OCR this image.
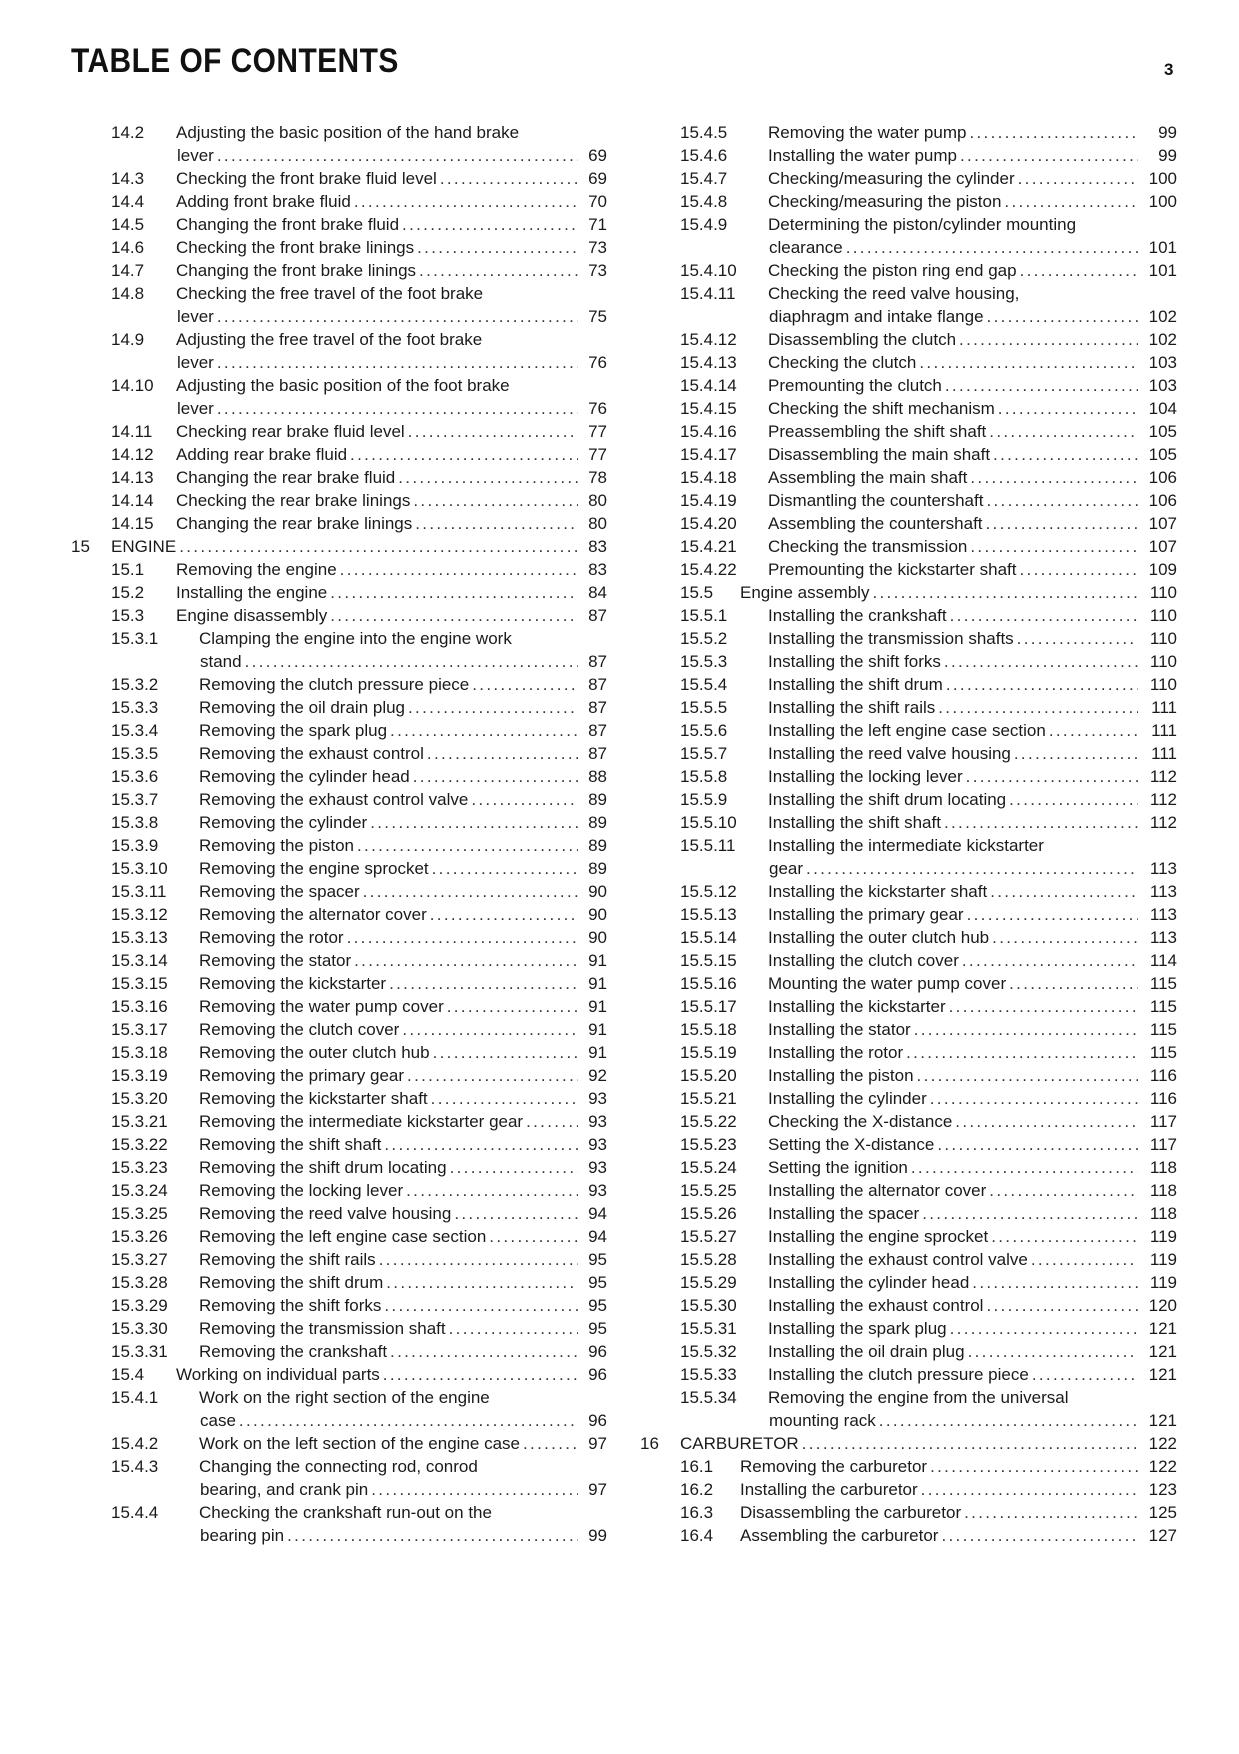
TABLE OF CONTENTS	3
14.2 Adjusting the basic position of the hand brake
lever . . .	69
14.3 Checking the front brake fluid level . . .	69
14.4 Adding front brake fluid . . .	70
14.5 Changing the front brake fluid . . .	71
14.6 Checking the front brake linings . . .	73
14.7 Changing the front brake linings . . .	73
14.8 Checking the free travel of the foot brake
lever . . .	75
14.9 Adjusting the free travel of the foot brake
lever . . .	76
14.10 Adjusting the basic position of the foot brake
lever . . .	76
14.11 Checking rear brake fluid level . . .	77
14.12 Adding rear brake fluid . . .	77
14.13 Changing the rear brake fluid . . .	78
14.14 Checking the rear brake linings . . .	80
14.15 Changing the rear brake linings . . .	80
15 ENGINE . . .	83
15.1 Removing the engine . . .	83
15.2 Installing the engine . . .	84
15.3 Engine disassembly . . .	87
15.3.1 Clamping the engine into the engine work
stand . . .	87
15.3.2 Removing the clutch pressure piece . . .	87
15.3.3 Removing the oil drain plug . . .	87
15.3.4 Removing the spark plug . . .	87
15.3.5 Removing the exhaust control . . .	87
15.3.6 Removing the cylinder head . . .	88
15.3.7 Removing the exhaust control valve . . .	89
15.3.8 Removing the cylinder . . .	89
15.3.9 Removing the piston . . .	89
15.3.10 Removing the engine sprocket . . .	89
15.3.11 Removing the spacer . . .	90
15.3.12 Removing the alternator cover . . .	90
15.3.13 Removing the rotor . . .	90
15.3.14 Removing the stator . . .	91
15.3.15 Removing the kickstarter . . .	91
15.3.16 Removing the water pump cover . . .	91
15.3.17 Removing the clutch cover . . .	91
15.3.18 Removing the outer clutch hub . . .	91
15.3.19 Removing the primary gear . . .	92
15.3.20 Removing the kickstarter shaft . . .	93
15.3.21 Removing the intermediate kickstarter gear . . .	93
15.3.22 Removing the shift shaft . . .	93
15.3.23 Removing the shift drum locating . . .	93
15.3.24 Removing the locking lever . . .	93
15.3.25 Removing the reed valve housing . . .	94
15.3.26 Removing the left engine case section . . .	94
15.3.27 Removing the shift rails . . .	95
15.3.28 Removing the shift drum . . .	95
15.3.29 Removing the shift forks . . .	95
15.3.30 Removing the transmission shaft . . .	95
15.3.31 Removing the crankshaft . . .	96
15.4 Working on individual parts . . .	96
15.4.1 Work on the right section of the engine
case . . .	96
15.4.2 Work on the left section of the engine case . . .	97
15.4.3 Changing the connecting rod, conrod
bearing, and crank pin . . .	97
15.4.4 Checking the crankshaft run-out on the
bearing pin . . .	99
15.4.5 Removing the water pump . . .	99
15.4.6 Installing the water pump . . .	99
15.4.7 Checking/measuring the cylinder . . .	100
15.4.8 Checking/measuring the piston . . .	100
15.4.9 Determining the piston/cylinder mounting
clearance . . .	101
15.4.10 Checking the piston ring end gap . . .	101
15.4.11 Checking the reed valve housing,
diaphragm and intake flange . . .	102
15.4.12 Disassembling the clutch . . .	102
15.4.13 Checking the clutch . . .	103
15.4.14 Premounting the clutch . . .	103
15.4.15 Checking the shift mechanism . . .	104
15.4.16 Preassembling the shift shaft . . .	105
15.4.17 Disassembling the main shaft . . .	105
15.4.18 Assembling the main shaft . . .	106
15.4.19 Dismantling the countershaft . . .	106
15.4.20 Assembling the countershaft . . .	107
15.4.21 Checking the transmission . . .	107
15.4.22 Premounting the kickstarter shaft . . .	109
15.5 Engine assembly . . .	110
15.5.1 Installing the crankshaft . . .	110
15.5.2 Installing the transmission shafts . . .	110
15.5.3 Installing the shift forks . . .	110
15.5.4 Installing the shift drum . . .	110
15.5.5 Installing the shift rails . . .	111
15.5.6 Installing the left engine case section . . .	111
15.5.7 Installing the reed valve housing . . .	111
15.5.8 Installing the locking lever . . .	112
15.5.9 Installing the shift drum locating . . .	112
15.5.10 Installing the shift shaft . . .	112
15.5.11 Installing the intermediate kickstarter
gear . . .	113
15.5.12 Installing the kickstarter shaft . . .	113
15.5.13 Installing the primary gear . . .	113
15.5.14 Installing the outer clutch hub . . .	113
15.5.15 Installing the clutch cover . . .	114
15.5.16 Mounting the water pump cover . . .	115
15.5.17 Installing the kickstarter . . .	115
15.5.18 Installing the stator . . .	115
15.5.19 Installing the rotor . . .	115
15.5.20 Installing the piston . . .	116
15.5.21 Installing the cylinder . . .	116
15.5.22 Checking the X-distance . . .	117
15.5.23 Setting the X-distance . . .	117
15.5.24 Setting the ignition . . .	118
15.5.25 Installing the alternator cover . . .	118
15.5.26 Installing the spacer . . .	118
15.5.27 Installing the engine sprocket . . .	119
15.5.28 Installing the exhaust control valve . . .	119
15.5.29 Installing the cylinder head . . .	119
15.5.30 Installing the exhaust control . . .	120
15.5.31 Installing the spark plug . . .	121
15.5.32 Installing the oil drain plug . . .	121
15.5.33 Installing the clutch pressure piece . . .	121
15.5.34 Removing the engine from the universal
mounting rack . . .	121
16 CARBURETOR . . .	122
16.1 Removing the carburetor . . .	122
16.2 Installing the carburetor . . .	123
16.3 Disassembling the carburetor . . .	125
16.4 Assembling the carburetor . . .	127
